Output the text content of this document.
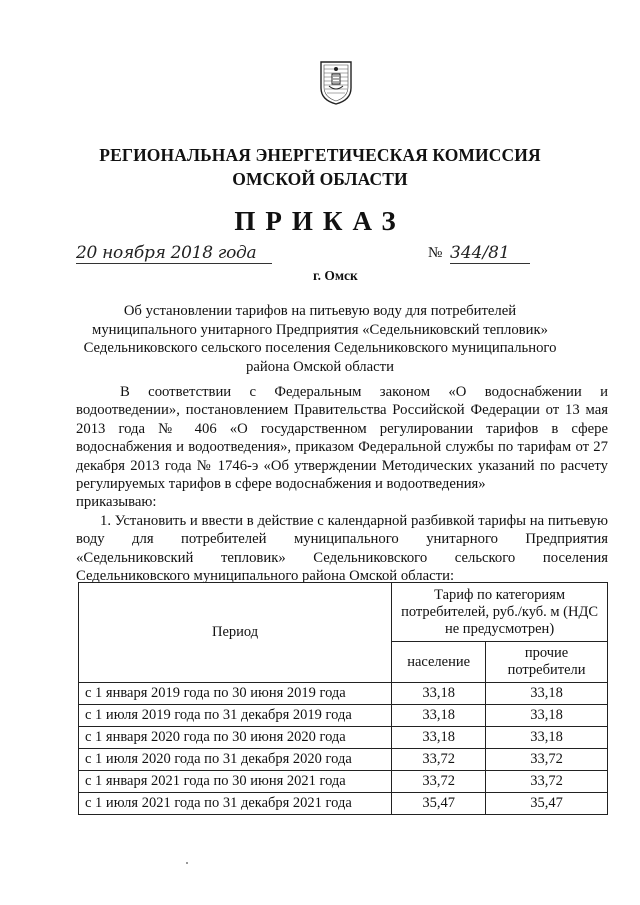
РЕГИОНАЛЬНАЯ ЭНЕРГЕТИЧЕСКАЯ КОМИССИЯ
ОМСКОЙ ОБЛАСТИ
ПРИКАЗ
20 ноября 2018 года	№ 344/81
г. Омск
Об установлении тарифов на питьевую воду для потребителей муниципального унитарного Предприятия «Седельниковский тепловик» Седельниковского сельского поселения Седельниковского муниципального района Омской области

В соответствии с Федеральным законом «О водоснабжении и водоотведении», постановлением Правительства Российской Федерации от 13 мая 2013 года № 406 «О государственном регулировании тарифов в сфере водоснабжения и водоотведения», приказом Федеральной службы по тарифам от 27 декабря 2013 года № 1746-э «Об утверждении Методических указаний по расчету регулируемых тарифов в сфере водоснабжения и водоотведения»

приказываю:

1. Установить и ввести в действие с календарной разбивкой тарифы на питьевую воду для потребителей муниципального унитарного Предприятия «Седельниковский тепловик» Седельниковского сельского поселения Седельниковского муниципального района Омской области:

Период	Тариф по категориям потребителей, руб./куб. м (НДС не предусмотрен)	
	население	прочие потребители
с 1 января 2019 года по 30 июня 2019 года	33,18	33,18
с 1 июля 2019 года по 31 декабря 2019 года	33,18	33,18
с 1 января 2020 года по 30 июня 2020 года	33,18	33,18
с 1 июля 2020 года по 31 декабря 2020 года	33,72	33,72
с 1 января 2021 года по 30 июня 2021 года	33,72	33,72
с 1 июля 2021 года по 31 декабря 2021 года	35,47	35,47
